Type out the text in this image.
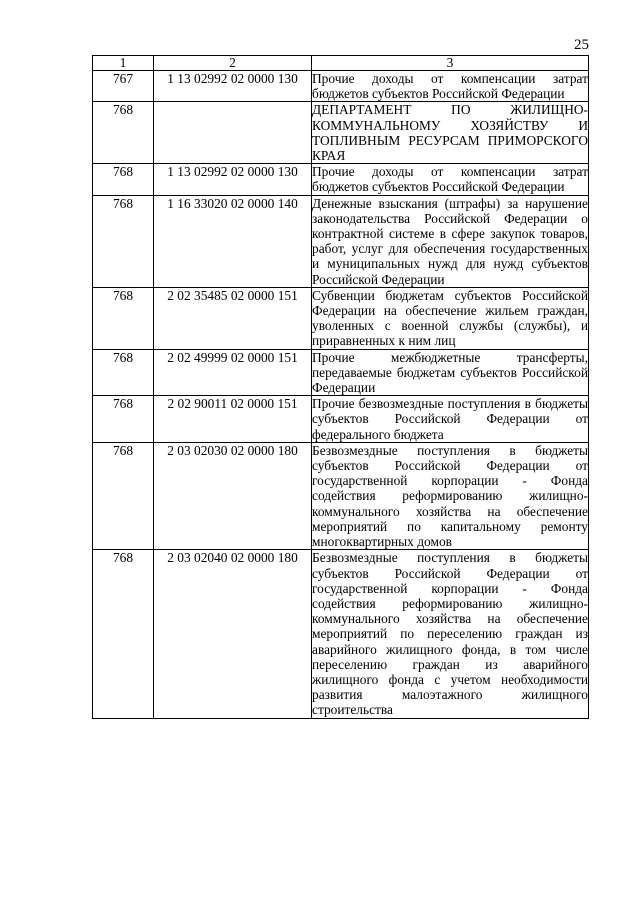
25
1	2	3
767	1 13 02992 02 0000 130	Прочие доходы от компенсации затрат бюджетов субъектов Российской Федерации
768		ДЕПАРТАМЕНТ ПО ЖИЛИЩНО-КОММУНАЛЬНОМУ ХОЗЯЙСТВУ И ТОПЛИВНЫМ РЕСУРСАМ ПРИМОРСКОГО КРАЯ
768	1 13 02992 02 0000 130	Прочие доходы от компенсации затрат бюджетов субъектов Российской Федерации
768	1 16 33020 02 0000 140	Денежные взыскания (штрафы) за нарушение законодательства Российской Федерации о контрактной системе в сфере закупок товаров, работ, услуг для обеспечения государственных и муниципальных нужд для нужд субъектов Российской Федерации
768	2 02 35485 02 0000 151	Субвенции бюджетам субъектов Российской Федерации на обеспечение жильем граждан, уволенных с военной службы (службы), и приравненных к ним лиц
768	2 02 49999 02 0000 151	Прочие межбюджетные трансферты, передаваемые бюджетам субъектов Российской Федерации
768	2 02 90011 02 0000 151	Прочие безвозмездные поступления в бюджеты субъектов Российской Федерации от федерального бюджета
768	2 03 02030 02 0000 180	Безвозмездные поступления в бюджеты субъектов Российской Федерации от государственной корпорации - Фонда содействия реформированию жилищно-коммунального хозяйства на обеспечение мероприятий по капитальному ремонту многоквартирных домов
768	2 03 02040 02 0000 180	Безвозмездные поступления в бюджеты субъектов Российской Федерации от государственной корпорации - Фонда содействия реформированию жилищно-коммунального хозяйства на обеспечение мероприятий по переселению граждан из аварийного жилищного фонда, в том числе переселению граждан из аварийного жилищного фонда с учетом необходимости развития малоэтажного жилищного строительства
